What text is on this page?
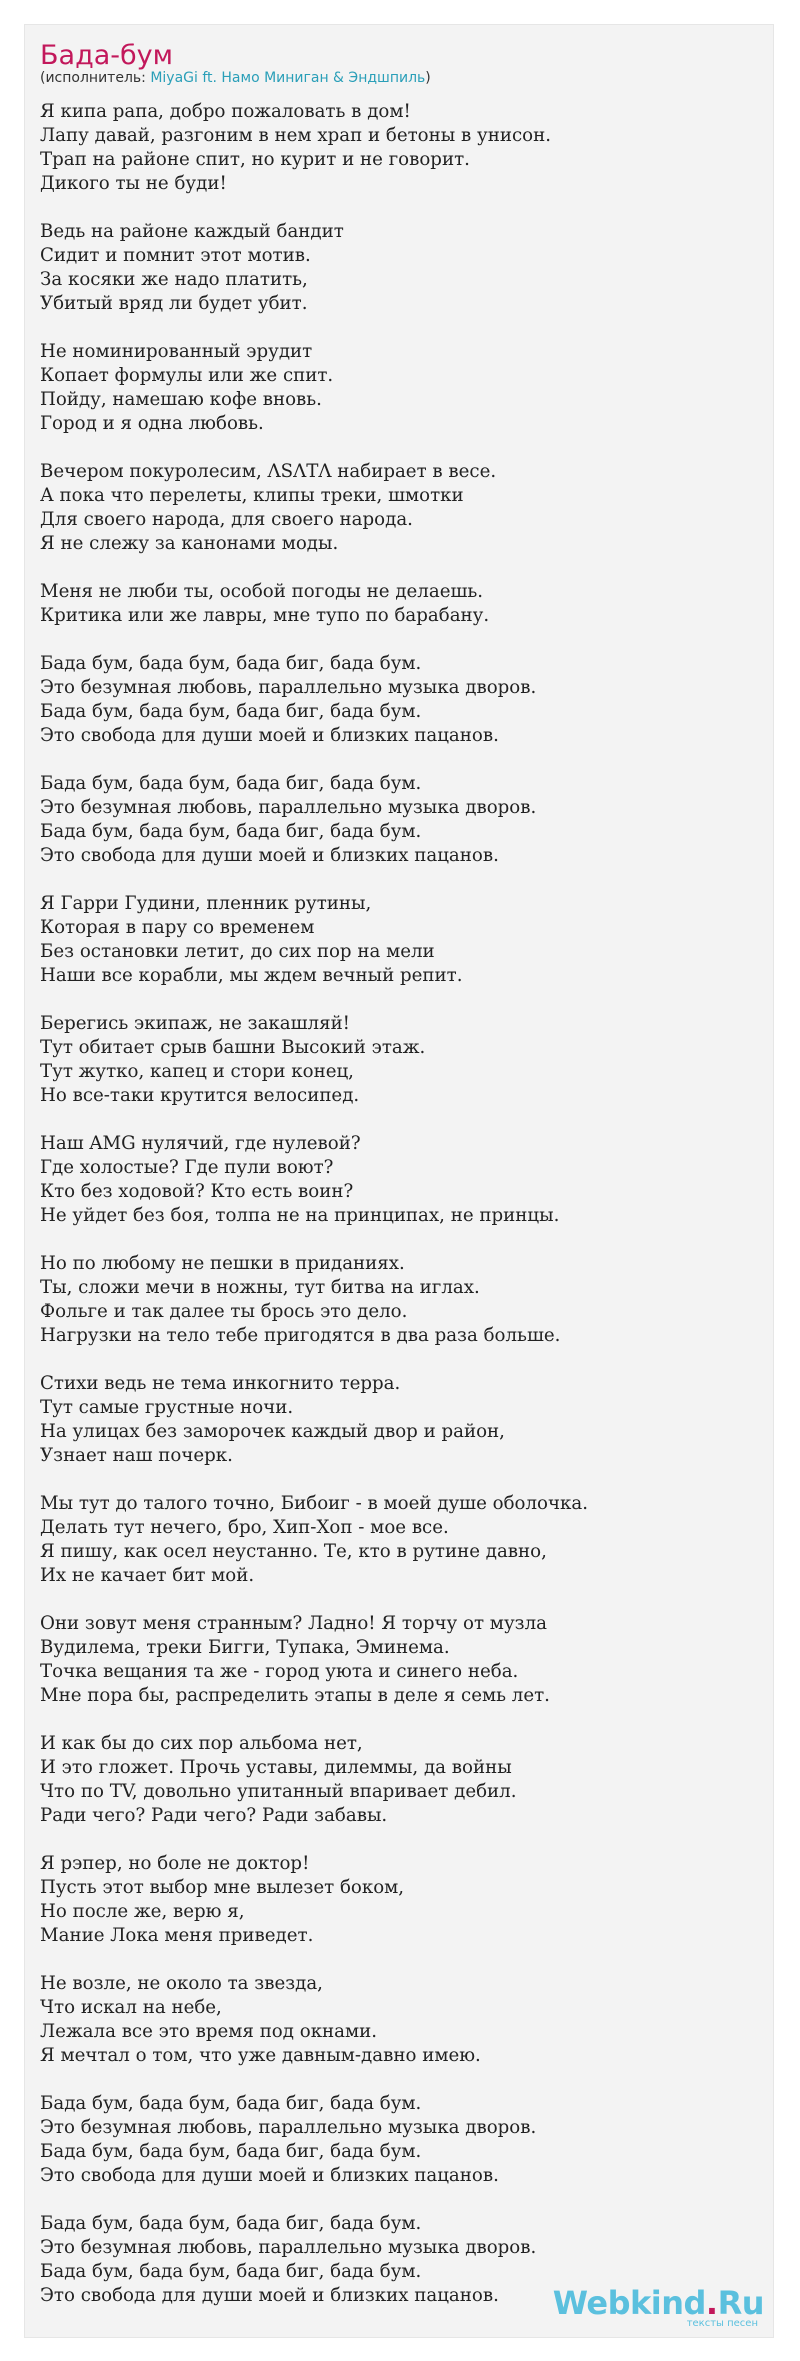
Бада-бум
(исполнитель: MiyaGi ft. Намо Миниган & Эндшпиль)
Я кипа рапа, добро пожаловать в дом!
Лапу давай, разгоним в нем храп и бетоны в унисон.
Трап на районе спит, но курит и не говорит.
Дикого ты не буди!
Ведь на районе каждый бандит
Сидит и помнит этот мотив.
За косяки же надо платить,
Убитый вряд ли будет убит.
Не номинированный эрудит
Копает формулы или же спит.
Пойду, намешаю кофе вновь.
Город и я одна любовь.
Вечером покуролесим, ΛSΛTΛ набирает в весе.
А пока что перелеты, клипы треки, шмотки
Для своего народа, для своего народа.
Я не слежу за канонами моды.
Меня не люби ты, особой погоды не делаешь.
Критика или же лавры, мне тупо по барабану.
Бада бум, бада бум, бада биг, бада бум.
Это безумная любовь, параллельно музыка дворов.
Бада бум, бада бум, бада биг, бада бум.
Это свобода для души моей и близких пацанов.
Бада бум, бада бум, бада биг, бада бум.
Это безумная любовь, параллельно музыка дворов.
Бада бум, бада бум, бада биг, бада бум.
Это свобода для души моей и близких пацанов.
Я Гарри Гудини, пленник рутины,
Которая в пару со временем
Без остановки летит, до сих пор на мели
Наши все корабли, мы ждем вечный репит.
Берегись экипаж, не закашляй!
Тут обитает срыв башни Высокий этаж.
Тут жутко, капец и стори конец,
Но все-таки крутится велосипед.
Наш AMG нулячий, где нулевой?
Где холостые? Где пули воют?
Кто без ходовой? Кто есть воин?
Не уйдет без боя, толпа не на принципах, не принцы.
Но по любому не пешки в приданиях.
Ты, сложи мечи в ножны, тут битва на иглах.
Фольге и так далее ты брось это дело.
Нагрузки на тело тебе пригодятся в два раза больше.
Стихи ведь не тема инкогнито терра.
Тут самые грустные ночи.
На улицах без заморочек каждый двор и район,
Узнает наш почерк.
Мы тут до талого точно, Бибоиг - в моей душе оболочка.
Делать тут нечего, бро, Хип-Хоп - мое все.
Я пишу, как осел неустанно. Те, кто в рутине давно,
Их не качает бит мой.
Они зовут меня странным? Ладно! Я торчу от музла
Вудилема, треки Бигги, Тупака, Эминема.
Точка вещания та же - город уюта и синего неба.
Мне пора бы, распределить этапы в деле я семь лет.
И как бы до сих пор альбома нет,
И это гложет. Прочь уставы, дилеммы, да войны
Что по TV, довольно упитанный впаривает дебил.
Ради чего? Ради чего? Ради забавы.
Я рэпер, но боле не доктор!
Пусть этот выбор мне вылезет боком,
Но после же, верю я,
Мание Лока меня приведет.
Не возле, не около та звезда,
Что искал на небе,
Лежала все это время под окнами.
Я мечтал о том, что уже давным-давно имею.
Бада бум, бада бум, бада биг, бада бум.
Это безумная любовь, параллельно музыка дворов.
Бада бум, бада бум, бада биг, бада бум.
Это свобода для души моей и близких пацанов.
Бада бум, бада бум, бада биг, бада бум.
Это безумная любовь, параллельно музыка дворов.
Бада бум, бада бум, бада биг, бада бум.
Это свобода для души моей и близких пацанов.	Webkind.Ru
тексты песен
